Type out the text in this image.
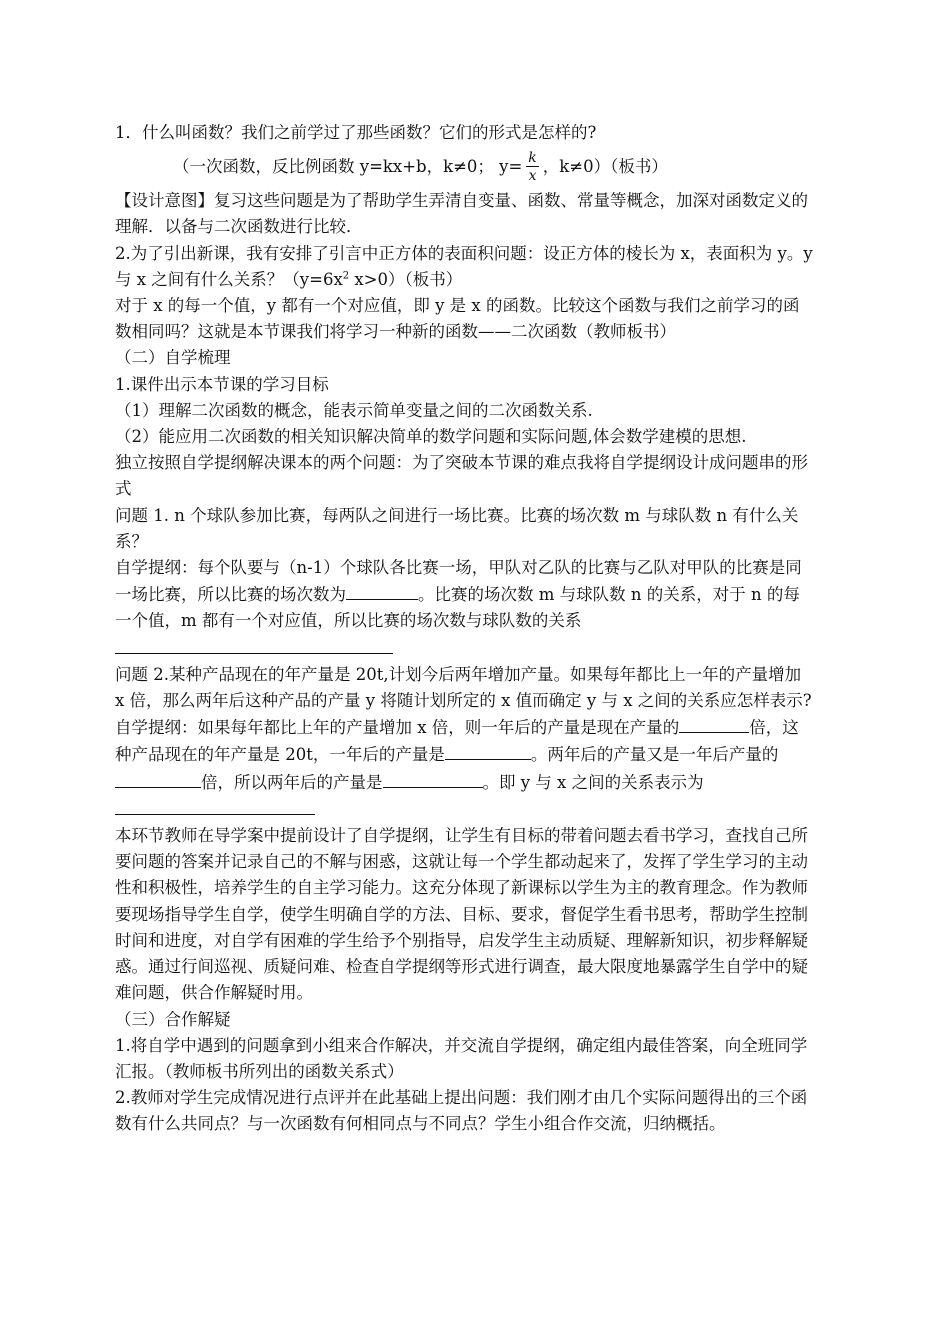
1．什么叫函数？我们之前学过了那些函数？它们的形式是怎样的?

（一次函数，反比例函数 y=kx+b，k≠0； $y= \frac{k}{x}$ ，k≠0）（板书）

【设计意图】复习这些问题是为了帮助学生弄清自变量、函数、常量等概念，加深对函数定义的理解．以备与二次函数进行比较．

2.为了引出新课，我有安排了引言中正方体的表面积问题：设正方体的棱长为 x，表面积为 y。y 与 x 之间有什么关系？（$y=6x^2$ x>0）（板书）

对于 x 的每一个值，y 都有一个对应值，即 y 是 x 的函数。比较这个函数与我们之前学习的函数相同吗？这就是本节课我们将学习一种新的函数——二次函数（教师板书）

（二）自学梳理

1.课件出示本节课的学习目标

（1）理解二次函数的概念，能表示简单变量之间的二次函数关系.

（2）能应用二次函数的相关知识解决简单的数学问题和实际问题,体会数学建模的思想.

独立按照自学提纲解决课本的两个问题：为了突破本节课的难点我将自学提纲设计成问题串的形式

问题 1. n 个球队参加比赛，每两队之间进行一场比赛。比赛的场次数 m 与球队数 n 有什么关系？

自学提纲：每个队要与（n-1）个球队各比赛一场，甲队对乙队的比赛与乙队对甲队的比赛是同一场比赛，所以比赛的场次数为	。比赛的场次数 m 与球队数 n 的关系，对于 n 的每一个值，m 都有一个对应值，所以比赛的场次数与球队数的关系

问题 2.某种产品现在的年产量是 20t,计划今后两年增加产量。如果每年都比上一年的产量增加 x 倍，那么两年后这种产品的产量 y 将随计划所定的 x 值而确定 y 与 x 之间的关系应怎样表示?

自学提纲：如果每年都比上年的产量增加 x 倍，则一年后的产量是现在产量的	倍，这种产品现在的年产量是 20t，一年后的产量是	。两年后的产量又是一年后产量的倍，所以两年后的产量是	。即 y 与 x 之间的关系表示为

本环节教师在导学案中提前设计了自学提纲，让学生有目标的带着问题去看书学习，查找自己所要问题的答案并记录自己的不解与困惑，这就让每一个学生都动起来了，发挥了学生学习的主动性和积极性，培养学生的自主学习能力。这充分体现了新课标以学生为主的教育理念。作为教师要现场指导学生自学，使学生明确自学的方法、目标、要求，督促学生看书思考，帮助学生控制时间和进度，对自学有困难的学生给予个别指导，启发学生主动质疑、理解新知识，初步释解疑惑。通过行间巡视、质疑问难、检查自学提纲等形式进行调查，最大限度地暴露学生自学中的疑难问题，供合作解疑时用。

（三）合作解疑

1.将自学中遇到的问题拿到小组来合作解决，并交流自学提纲，确定组内最佳答案，向全班同学汇报。（教师板书所列出的函数关系式）

2.教师对学生完成情况进行点评并在此基础上提出问题：我们刚才由几个实际问题得出的三个函数有什么共同点？与一次函数有何相同点与不同点？学生小组合作交流，归纳概括。
